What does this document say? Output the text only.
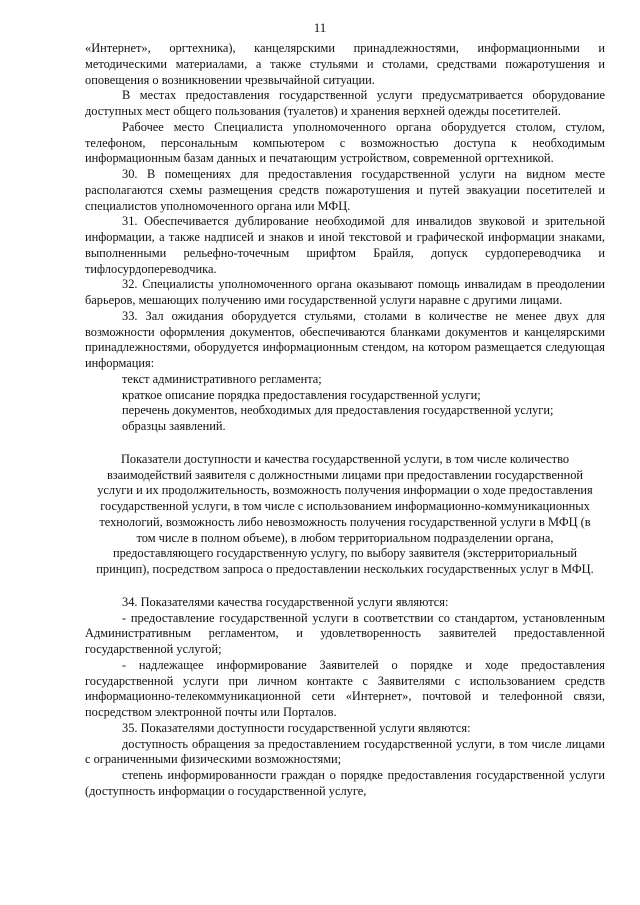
11

«Интернет», оргтехника), канцелярскими принадлежностями, информационными и методическими материалами, а также стульями и столами, средствами пожаротушения и оповещения о возникновении чрезвычайной ситуации.

В местах предоставления государственной услуги предусматривается оборудование доступных мест общего пользования (туалетов) и хранения верхней одежды посетителей.

Рабочее место Специалиста уполномоченного органа оборудуется столом, стулом, телефоном, персональным компьютером с возможностью доступа к необходимым информационным базам данных и печатающим устройством, современной оргтехникой.

30. В помещениях для предоставления государственной услуги на видном месте располагаются схемы размещения средств пожаротушения и путей эвакуации посетителей и специалистов уполномоченного органа или МФЦ.

31. Обеспечивается дублирование необходимой для инвалидов звуковой и зрительной информации, а также надписей и знаков и иной текстовой и графической информации знаками, выполненными рельефно-точечным шрифтом Брайля, допуск сурдопереводчика и тифлосурдопереводчика.

32. Специалисты уполномоченного органа оказывают помощь инвалидам в преодолении барьеров, мешающих получению ими государственной услуги наравне с другими лицами.

33. Зал ожидания оборудуется стульями, столами в количестве не менее двух для возможности оформления документов, обеспечиваются бланками документов и канцелярскими принадлежностями, оборудуется информационным стендом, на котором размещается следующая информация:

текст административного регламента;

краткое описание порядка предоставления государственной услуги;

перечень документов, необходимых для предоставления государственной услуги;

образцы заявлений.

Показатели доступности и качества государственной услуги, в том числе количество взаимодействий заявителя с должностными лицами при предоставлении государственной услуги и их продолжительность, возможность получения информации о ходе предоставления государственной услуги, в том числе с использованием информационно-коммуникационных технологий, возможность либо невозможность получения государственной услуги в МФЦ (в том числе в полном объеме), в любом территориальном подразделении органа, предоставляющего государственную услугу, по выбору заявителя (экстерриториальный принцип), посредством запроса о предоставлении нескольких государственных услуг в МФЦ.

34. Показателями качества государственной услуги являются:

- предоставление государственной услуги в соответствии со стандартом, установленным Административным регламентом, и удовлетворенность заявителей предоставленной государственной услугой;

- надлежащее информирование Заявителей о порядке и ходе предоставления государственной услуги при личном контакте с Заявителями с использованием средств информационно-телекоммуникационной сети «Интернет», почтовой и телефонной связи, посредством электронной почты или Порталов.

35. Показателями доступности государственной услуги являются:

доступность обращения за предоставлением государственной услуги, в том числе лицами с ограниченными физическими возможностями;

степень информированности граждан о порядке предоставления государственной услуги (доступность информации о государственной услуге,
